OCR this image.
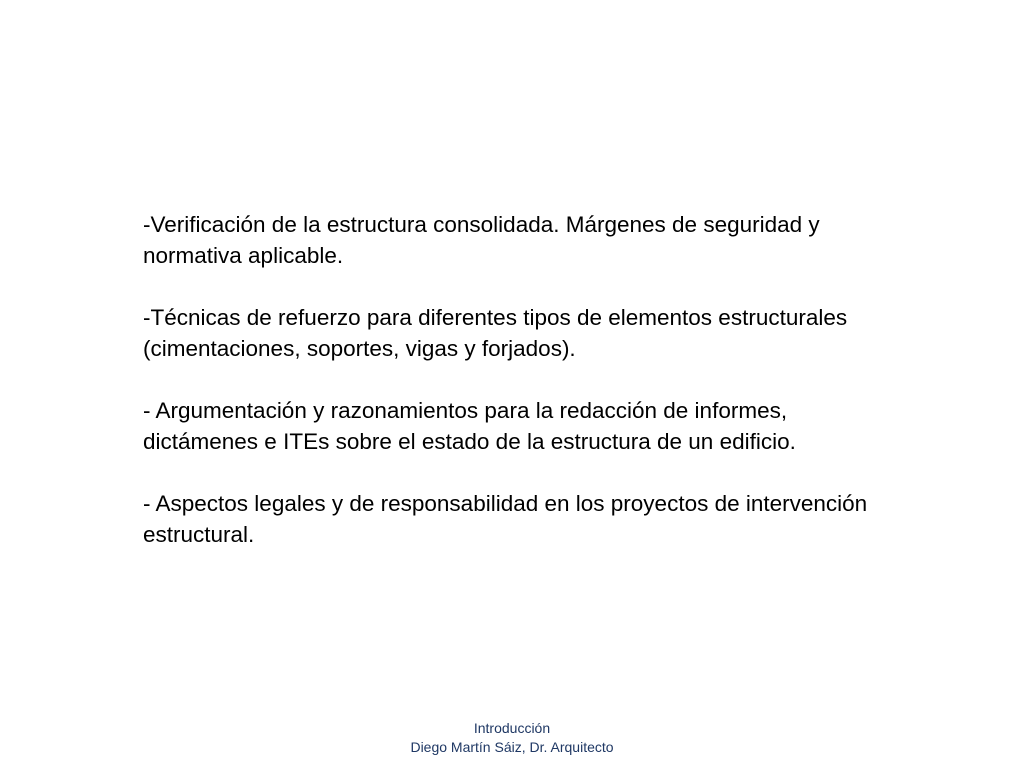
-Verificación de la estructura consolidada. Márgenes de seguridad y normativa aplicable.

-Técnicas de refuerzo para diferentes tipos de elementos estructurales (cimentaciones, soportes, vigas y forjados).

- Argumentación y razonamientos para la redacción de informes, dictámenes e ITEs sobre el estado de la estructura de un edificio.

- Aspectos legales y de responsabilidad en los proyectos de intervención estructural.

Introducción
Diego Martín Sáiz, Dr. Arquitecto
